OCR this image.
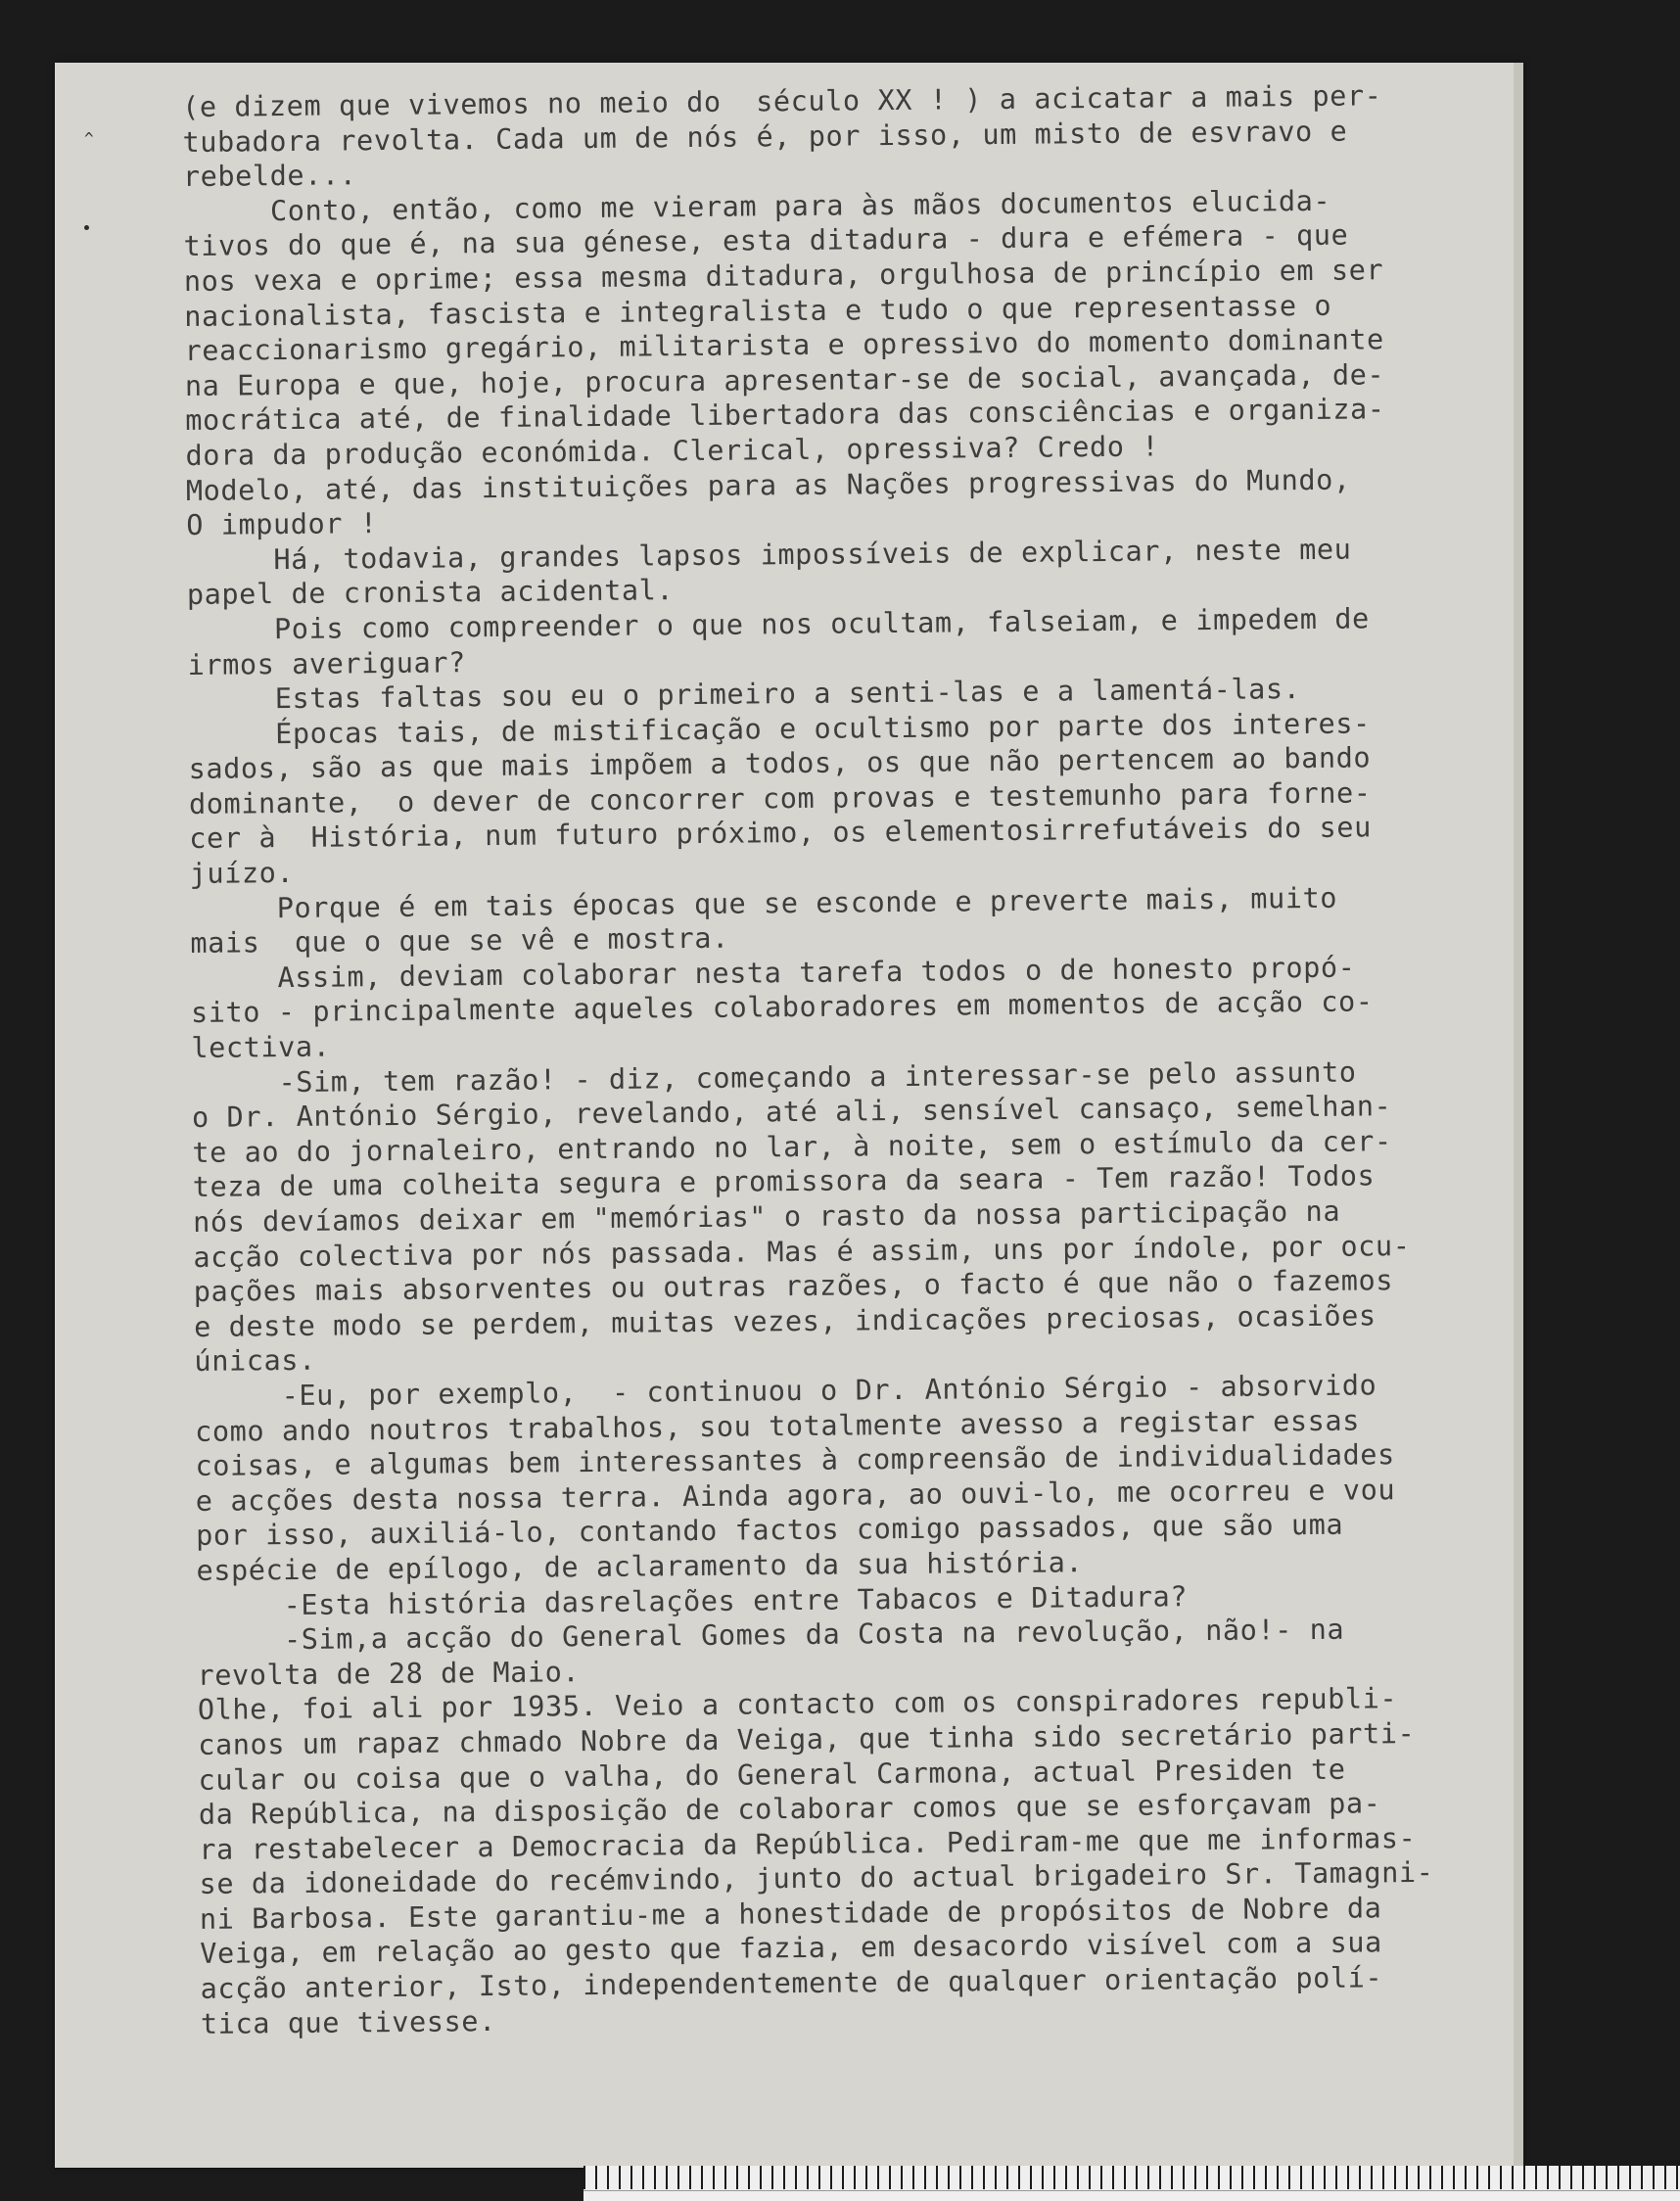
^

(e dizem que vivemos no meio do  século XX ! ) a acicatar a mais per-

tubadora revolta. Cada um de nós é, por isso, um misto de esvravo e

rebelde...

Conto, então, como me vieram para às mãos documentos elucida-

tivos do que é, na sua génese, esta ditadura - dura e efémera - que

nos vexa e oprime; essa mesma ditadura, orgulhosa de princípio em ser

nacionalista, fascista e integralista e tudo o que representasse o

reaccionarismo gregário, militarista e opressivo do momento dominante

na Europa e que, hoje, procura apresentar-se de social, avançada, de-

mocrática até, de finalidade libertadora das consciências e organiza-

dora da produção económida. Clerical, opressiva? Credo !

Modelo, até, das instituições para as Nações progressivas do Mundo,

O impudor !

Há, todavia, grandes lapsos impossíveis de explicar, neste meu

papel de cronista acidental.

Pois como compreender o que nos ocultam, falseiam, e impedem de

irmos averiguar?

Estas faltas sou eu o primeiro a senti-las e a lamentá-las.

Épocas tais, de mistificação e ocultismo por parte dos interes-

sados, são as que mais impõem a todos, os que não pertencem ao bando

dominante,  o dever de concorrer com provas e testemunho para forne-

cer à  História, num futuro próximo, os elementosirrefutáveis do seu

juízo.

Porque é em tais épocas que se esconde e preverte mais, muito

mais  que o que se vê e mostra.

Assim, deviam colaborar nesta tarefa todos o de honesto propó-

sito - principalmente aqueles colaboradores em momentos de acção co-

lectiva.

-Sim, tem razão! - diz, começando a interessar-se pelo assunto

o Dr. António Sérgio, revelando, até ali, sensível cansaço, semelhan-

te ao do jornaleiro, entrando no lar, à noite, sem o estímulo da cer-

teza de uma colheita segura e promissora da seara - Tem razão! Todos

nós devíamos deixar em "memórias" o rasto da nossa participação na

acção colectiva por nós passada. Mas é assim, uns por índole, por ocu-

pações mais absorventes ou outras razões, o facto é que não o fazemos

e deste modo se perdem, muitas vezes, indicações preciosas, ocasiões

únicas.

-Eu, por exemplo,  - continuou o Dr. António Sérgio - absorvido

como ando noutros trabalhos, sou totalmente avesso a registar essas

coisas, e algumas bem interessantes à compreensão de individualidades

e acções desta nossa terra. Ainda agora, ao ouvi-lo, me ocorreu e vou

por isso, auxiliá-lo, contando factos comigo passados, que são uma

espécie de epílogo, de aclaramento da sua história.

-Esta história dasrelações entre Tabacos e Ditadura?

-Sim,a acção do General Gomes da Costa na revolução, não!- na

revolta de 28 de Maio.

Olhe, foi ali por 1935. Veio a contacto com os conspiradores republi-

canos um rapaz chmado Nobre da Veiga, que tinha sido secretário parti-

cular ou coisa que o valha, do General Carmona, actual Presiden te

da República, na disposição de colaborar comos que se esforçavam pa-

ra restabelecer a Democracia da República. Pediram-me que me informas-

se da idoneidade do recémvindo, junto do actual brigadeiro Sr. Tamagni-

ni Barbosa. Este garantiu-me a honestidade de propósitos de Nobre da

Veiga, em relação ao gesto que fazia, em desacordo visível com a sua

acção anterior, Isto, independentemente de qualquer orientação polí-

tica que tivesse.
